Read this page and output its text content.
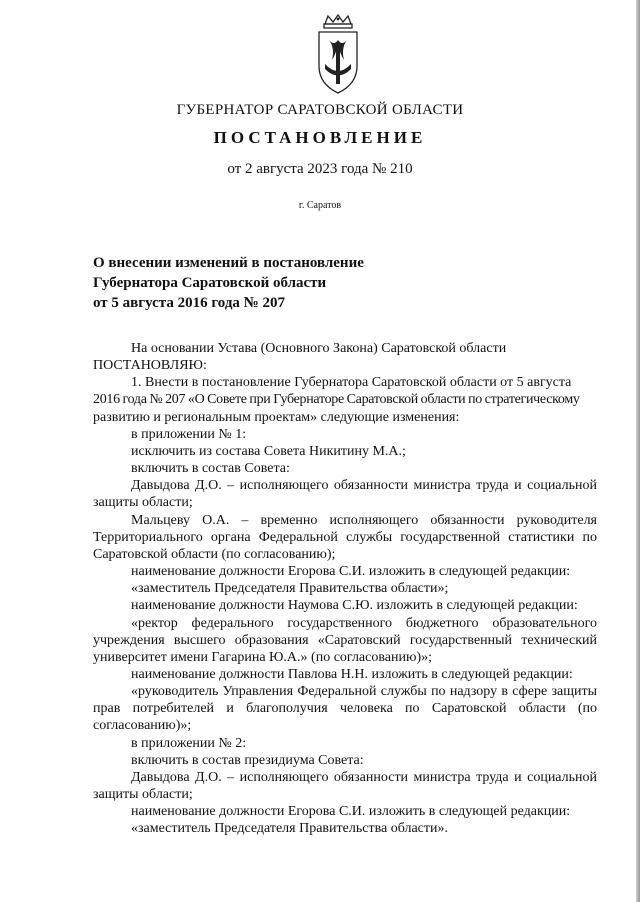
ГУБЕРНАТОР САРАТОВСКОЙ ОБЛАСТИ
ПОСТАНОВЛЕНИЕ
от 2 августа 2023 года № 210
г. Саратов
О внесении изменений в постановление
Губернатора Саратовской области
от 5 августа 2016 года № 207

На основании Устава (Основного Закона) Саратовской области

ПОСТАНОВЛЯЮ:

1. Внести в постановление Губернатора Саратовской области от 5 августа

2016 года № 207 «О Совете при Губернаторе Саратовской области по стратегическому

развитию и региональным проектам» следующие изменения:

в приложении № 1:

исключить из состава Совета Никитину М.А.;

включить в состав Совета:

Давыдова Д.О. – исполняющего обязанности министра труда и социальной защиты области;

Мальцеву О.А. – временно исполняющего обязанности руководителя Территориального органа Федеральной службы государственной статистики по Саратовской области (по согласованию);

наименование должности Егорова С.И. изложить в следующей редакции:

«заместитель Председателя Правительства области»;

наименование должности Наумова С.Ю. изложить в следующей редакции:

«ректор федерального государственного бюджетного образовательного учреждения высшего образования «Саратовский государственный технический университет имени Гагарина Ю.А.» (по согласованию)»;

наименование должности Павлова Н.Н. изложить в следующей редакции:

«руководитель Управления Федеральной службы по надзору в сфере защиты прав потребителей и благополучия человека по Саратовской области (по согласованию)»;

в приложении № 2:

включить в состав президиума Совета:

Давыдова Д.О. – исполняющего обязанности министра труда и социальной защиты области;

наименование должности Егорова С.И. изложить в следующей редакции:

«заместитель Председателя Правительства области».
